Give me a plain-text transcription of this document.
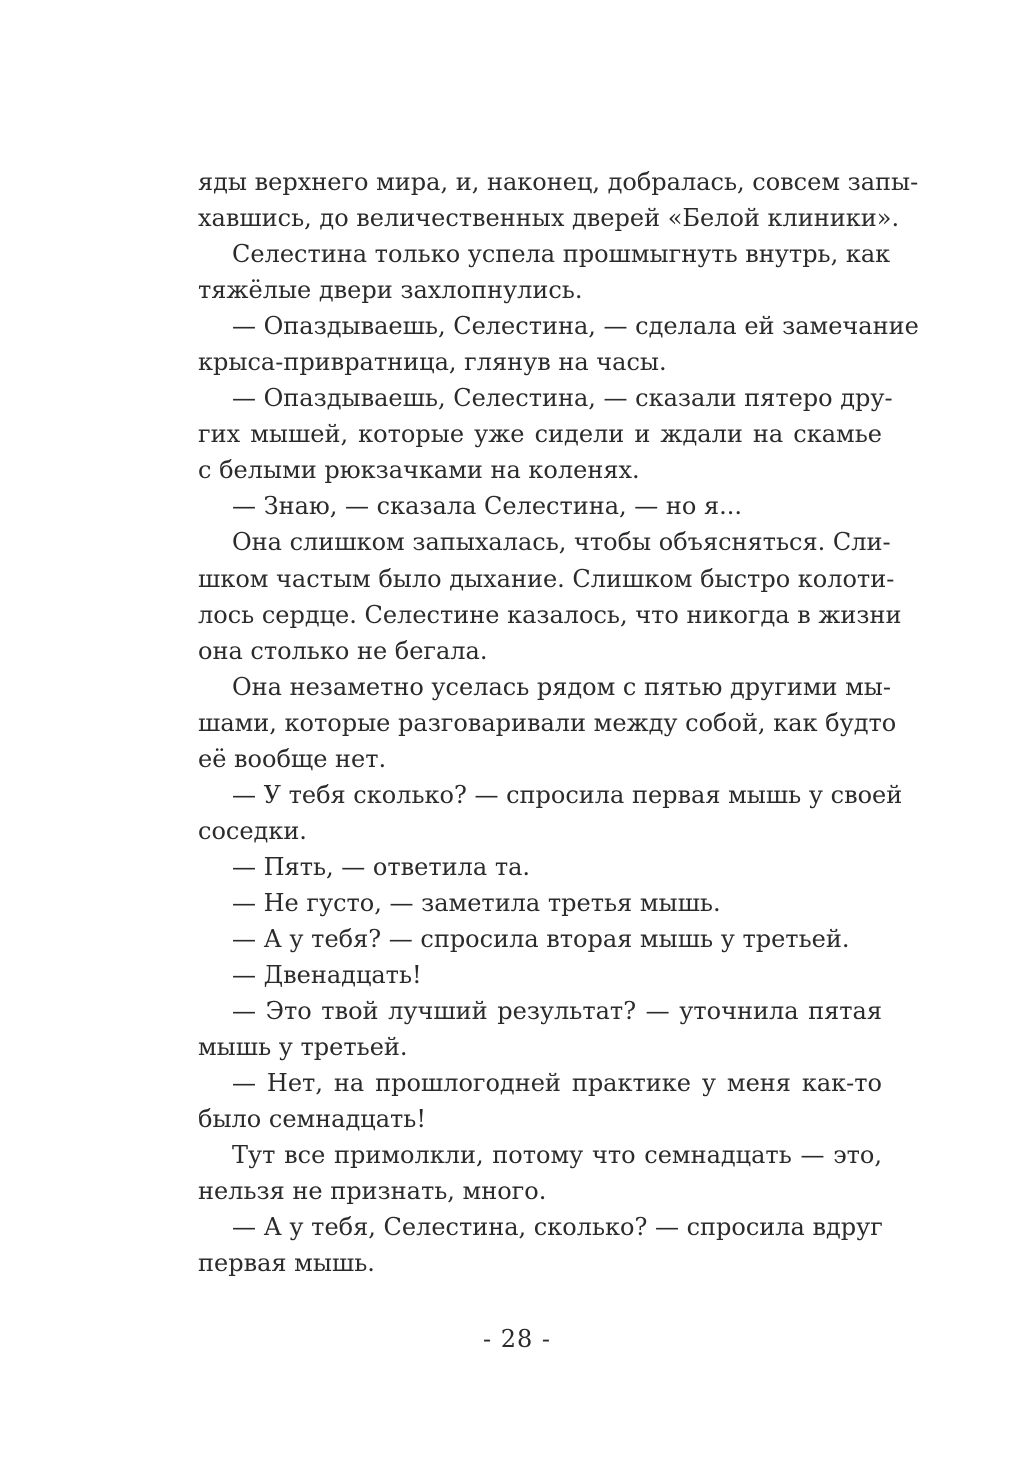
яды верхнего мира, и, наконец, добралась, совсем запы-
хавшись, до величественных дверей «Белой клиники».
Селестина только успела прошмыгнуть внутрь, как
тяжёлые двери захлопнулись.
— Опаздываешь, Селестина, — сделала ей замечание
крыса-привратница, глянув на часы.
— Опаздываешь, Селестина, — сказали пятеро дру-
гих мышей, которые уже сидели и ждали на скамье
с белыми рюкзачками на коленях.
— Знаю, — сказала Селестина, — но я...
Она слишком запыхалась, чтобы объясняться. Сли-
шком частым было дыхание. Слишком быстро колоти-
лось сердце. Селестине казалось, что никогда в жизни
она столько не бегала.
Она незаметно уселась рядом с пятью другими мы-
шами, которые разговаривали между собой, как будто
её вообще нет.
— У тебя сколько? — спросила первая мышь у своей
соседки.
— Пять, — ответила та.
— Не густо, — заметила третья мышь.
— А у тебя? — спросила вторая мышь у третьей.
— Двенадцать!
— Это твой лучший результат? — уточнила пятая
мышь у третьей.
— Нет, на прошлогодней практике у меня как-то
было семнадцать!
Тут все примолкли, потому что семнадцать — это,
нельзя не признать, много.
— А у тебя, Селестина, сколько? — спросила вдруг
первая мышь.
- 28 -
